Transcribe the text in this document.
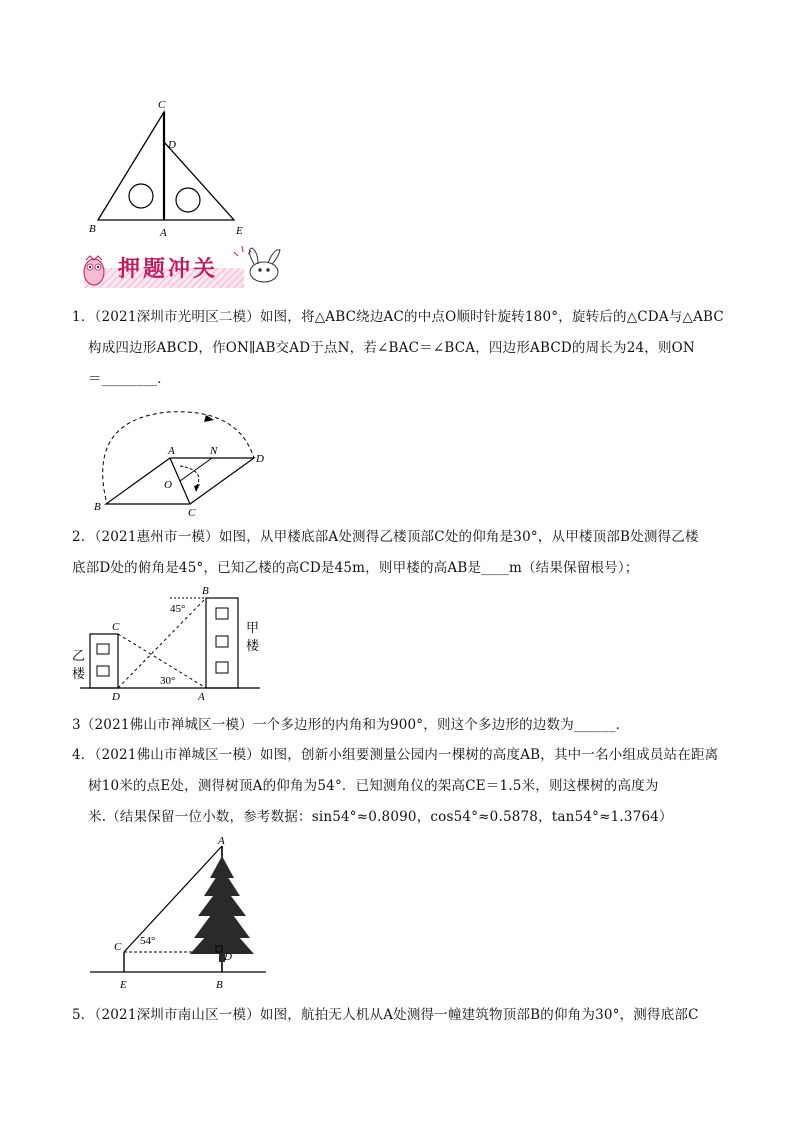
C
D
B	A	E
押题冲关
1．（2021深圳市光明区二模）如图，将△ABC绕边AC的中点O顺时针旋转180°，旋转后的△CDA与△ABC
构成四边形ABCD，作ON∥AB交AD于点N，若∠BAC＝∠BCA，四边形ABCD的周长为24，则ON
＝________．
A	N
D
O
B	C
2．（2021惠州市一模）如图，从甲楼底部A处测得乙楼顶部C处的仰角是30°，从甲楼顶部B处测得乙楼
底部D处的俯角是45°，已知乙楼的高CD是45m，则甲楼的高AB是____m（结果保留根号）；
B
C
D	A
45°
30°
甲
楼
乙
楼
3（2021佛山市禅城区一模）一个多边形的内角和为900°，则这个多边形的边数为______．
4．（2021佛山市禅城区一模）如图，创新小组要测量公园内一棵树的高度AB，其中一名小组成员站在距离
树10米的点E处，测得树顶A的仰角为54°．已知测角仪的架高CE＝1.5米，则这棵树的高度为
米.（结果保留一位小数，参考数据：sin54°≈0.8090，cos54°≈0.5878，tan54°≈1.3764）
A
C 54°
D
E	B
5．（2021深圳市南山区一模）如图，航拍无人机从A处测得一幢建筑物顶部B的仰角为30°，测得底部C
